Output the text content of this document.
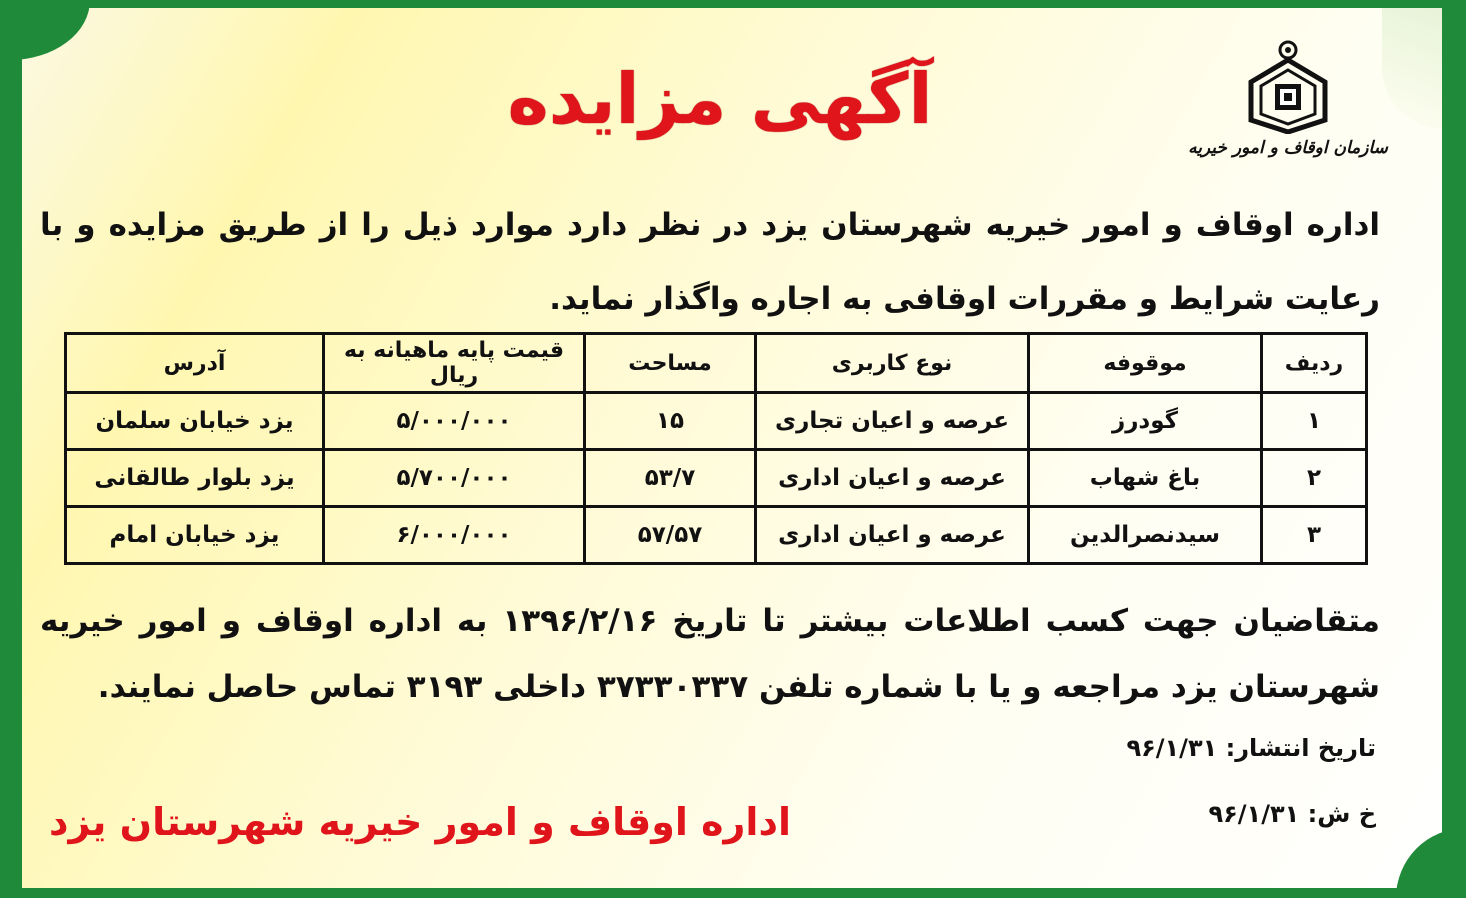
سازمان اوقاف و امور خیریه
آگهی مزایده
اداره اوقاف و امور خیریه شهرستان یزد در نظر دارد موارد ذیل را از طریق مزایده و با رعایت شرایط و مقررات اوقافی به اجاره واگذار نماید.
ردیف	موقوفه	نوع کاربری	مساحت	قیمت پایه ماهیانه به ریال	آدرس
۱	گودرز	عرصه و اعیان تجاری	۱۵	۵/۰۰۰/۰۰۰	یزد خیابان سلمان
۲	باغ شهاب	عرصه و اعیان اداری	۵۳/۷	۵/۷۰۰/۰۰۰	یزد بلوار طالقانی
۳	سیدنصرالدین	عرصه و اعیان اداری	۵۷/۵۷	۶/۰۰۰/۰۰۰	یزد خیابان امام
متقاضیان جهت کسب اطلاعات بیشتر تا تاریخ ۱۳۹۶/۲/۱۶ به اداره اوقاف و امور خیریه شهرستان یزد مراجعه و یا با شماره تلفن ۳۷۳۳۰۳۳۷ داخلی ۳۱۹۳ تماس حاصل نمایند.
تاریخ انتشار: ۹۶/۱/۳۱
خ ش: ۹۶/۱/۳۱
اداره اوقاف و امور خیریه شهرستان یزد
